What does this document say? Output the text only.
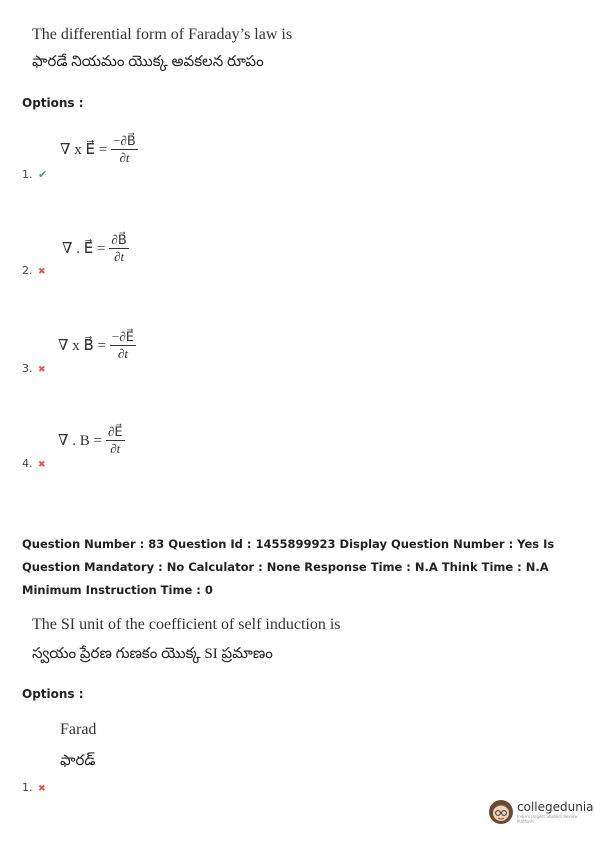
The differential form of Faraday’s law is
ఫారడే నియమం యొక్క అవకలన రూపం
Options :
∇ x E⃗ = $\frac{-\partial B⃗}{\partial t}$
1. ✔
∇ . E⃗ = $\frac{\partial B⃗}{\partial t}$
2. ✖
∇ x B⃗ = $\frac{-\partial E⃗}{\partial t}$
3. ✖
∇ . $B = \frac{\partial E⃗}{\partial t}$
4. ✖
Question Number : 83 Question Id : 1455899923 Display Question Number : Yes Is Question Mandatory : No Calculator : None Response Time : N.A Think Time : N.A Minimum Instruction Time : 0
The SI unit of the coefficient of self induction is
స్వయం ప్రేరణ గుణకం యొక్క SI ప్రమాణం
Options :
Farad
ఫారడ్
1. ✖
collegedunia
India's largest Student Review Platform
